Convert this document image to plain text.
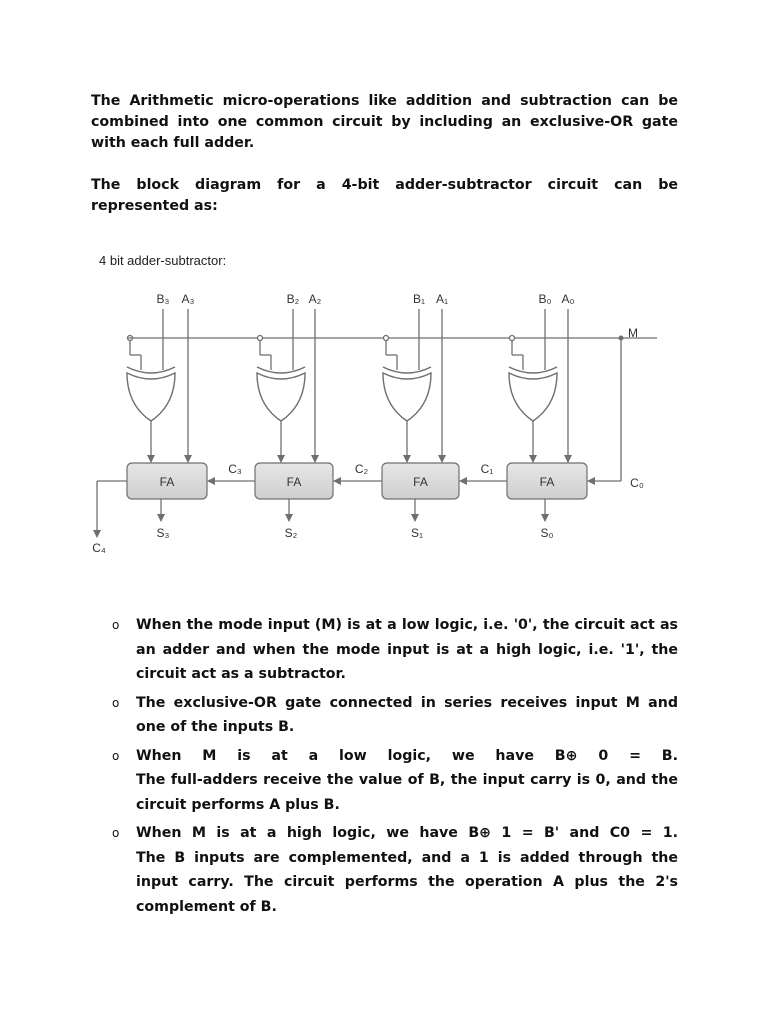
The Arithmetic micro-operations like addition and subtraction can be combined into one common circuit by including an exclusive-OR gate with each full adder.

The block diagram for a 4-bit adder-subtractor circuit can be represented as:

4 bit adder-subtractor:
M
C₀
B₃ A₃
FA
S₃
B₂ A₂
FA
S₂
B₁ A₁
FA
S₁
B₀ A₀
FA
S₀
C₃	C₂	C₁
C₄
o When the mode input (M) is at a low logic, i.e. '0', the circuit act as an adder and when the mode input is at a high logic, i.e. '1', the circuit act as a subtractor.
o The exclusive-OR gate connected in series receives input M and one of the inputs B.
o When M is at a low logic, we have B⊕ 0 = B.
The full-adders receive the value of B, the input carry is 0, and the circuit performs A plus B.
o When M is at a high logic, we have B⊕ 1 = B' and C0 = 1.
The B inputs are complemented, and a 1 is added through the input carry. The circuit performs the operation A plus the 2's complement of B.
